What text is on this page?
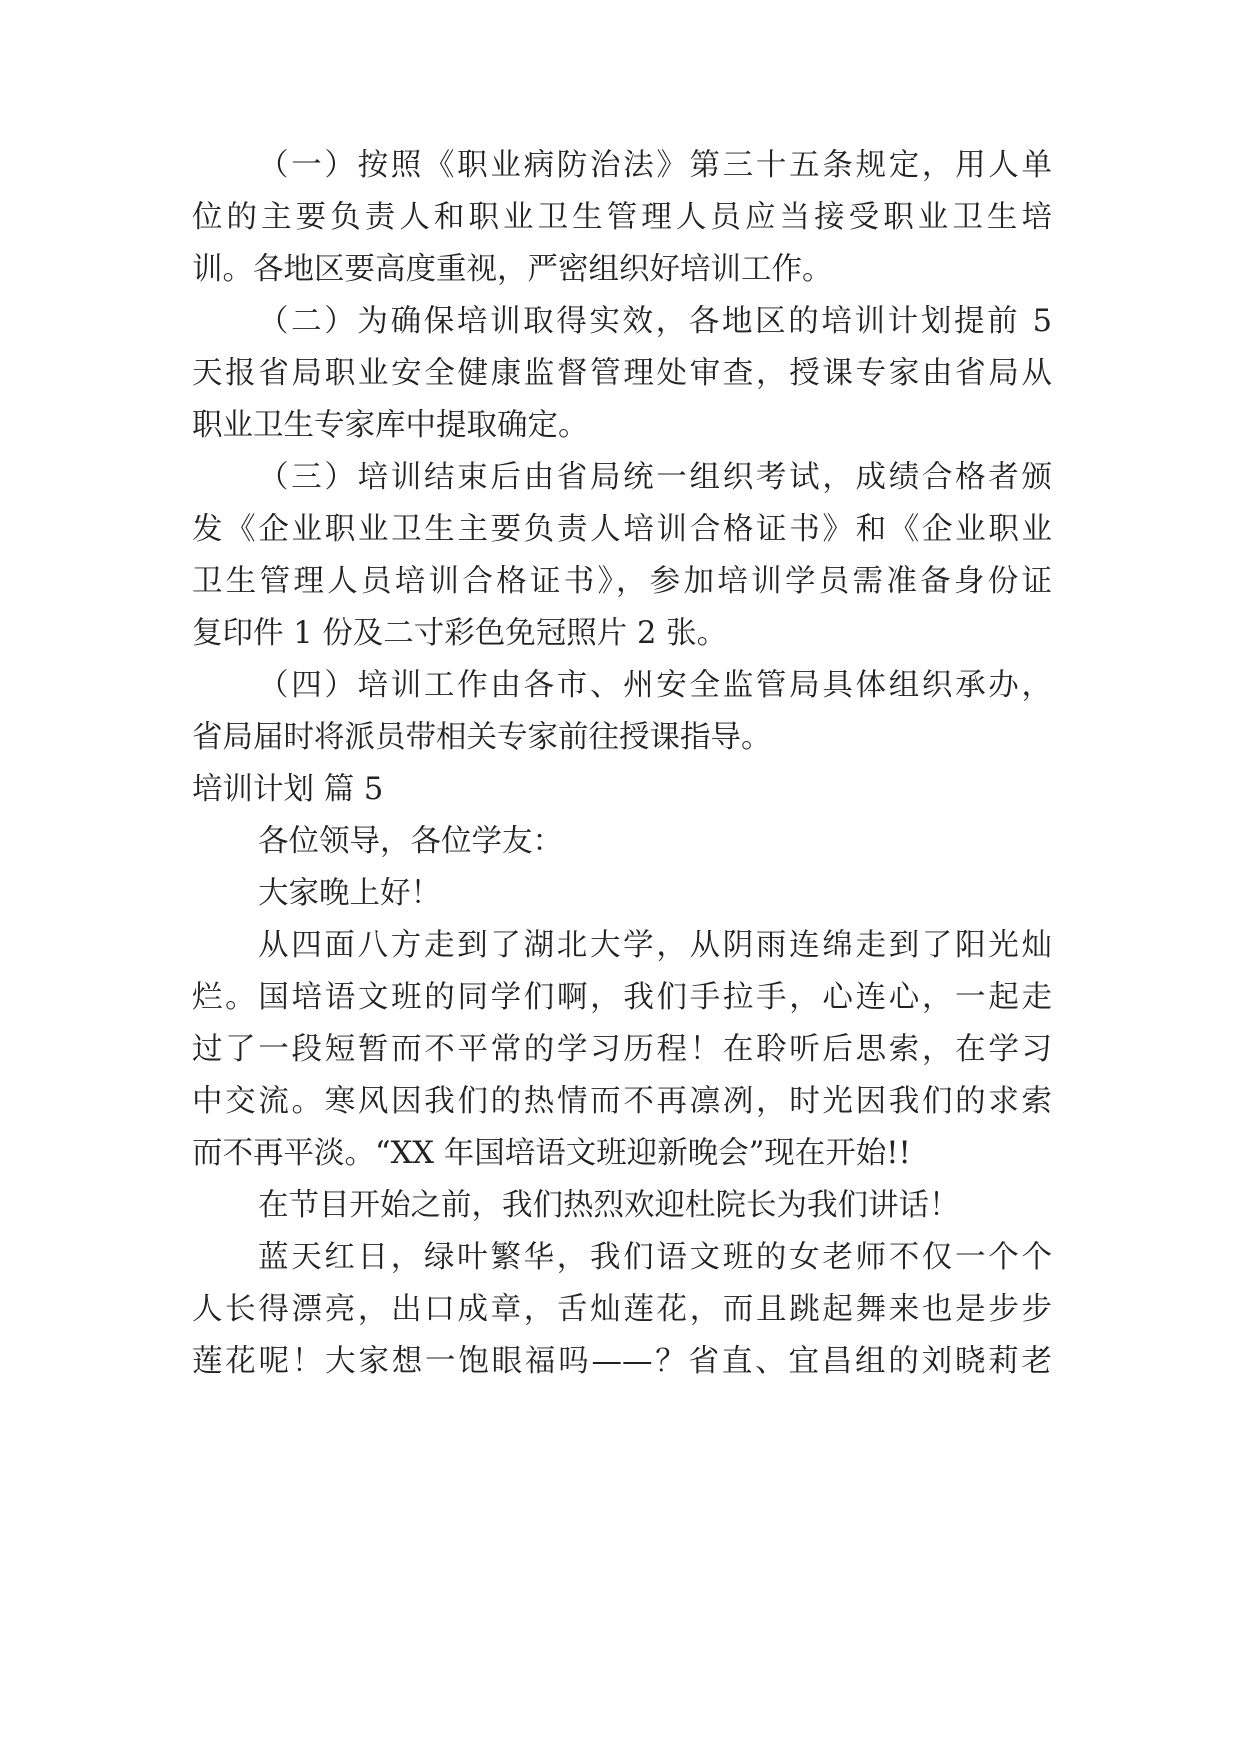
（一）按照《职业病防治法》第三十五条规定，用人单
位的主要负责人和职业卫生管理人员应当接受职业卫生培
训。各地区要高度重视，严密组织好培训工作。
（二）为确保培训取得实效，各地区的培训计划提前 5
天报省局职业安全健康监督管理处审查，授课专家由省局从
职业卫生专家库中提取确定。
（三）培训结束后由省局统一组织考试，成绩合格者颁
发《企业职业卫生主要负责人培训合格证书》和《企业职业
卫生管理人员培训合格证书》，参加培训学员需准备身份证
复印件 1 份及二寸彩色免冠照片 2 张。
（四）培训工作由各市、州安全监管局具体组织承办，
省局届时将派员带相关专家前往授课指导。
培训计划 篇 5
各位领导，各位学友：
大家晚上好！
从四面八方走到了湖北大学，从阴雨连绵走到了阳光灿
烂。国培语文班的同学们啊，我们手拉手，心连心，一起走
过了一段短暂而不平常的学习历程！在聆听后思索，在学习
中交流。寒风因我们的热情而不再凛冽，时光因我们的求索
而不再平淡。“XX 年国培语文班迎新晚会”现在开始!!
在节目开始之前，我们热烈欢迎杜院长为我们讲话！
蓝天红日，绿叶繁华，我们语文班的女老师不仅一个个
人长得漂亮，出口成章，舌灿莲花，而且跳起舞来也是步步
莲花呢！大家想一饱眼福吗——？省直、宜昌组的刘晓莉老
